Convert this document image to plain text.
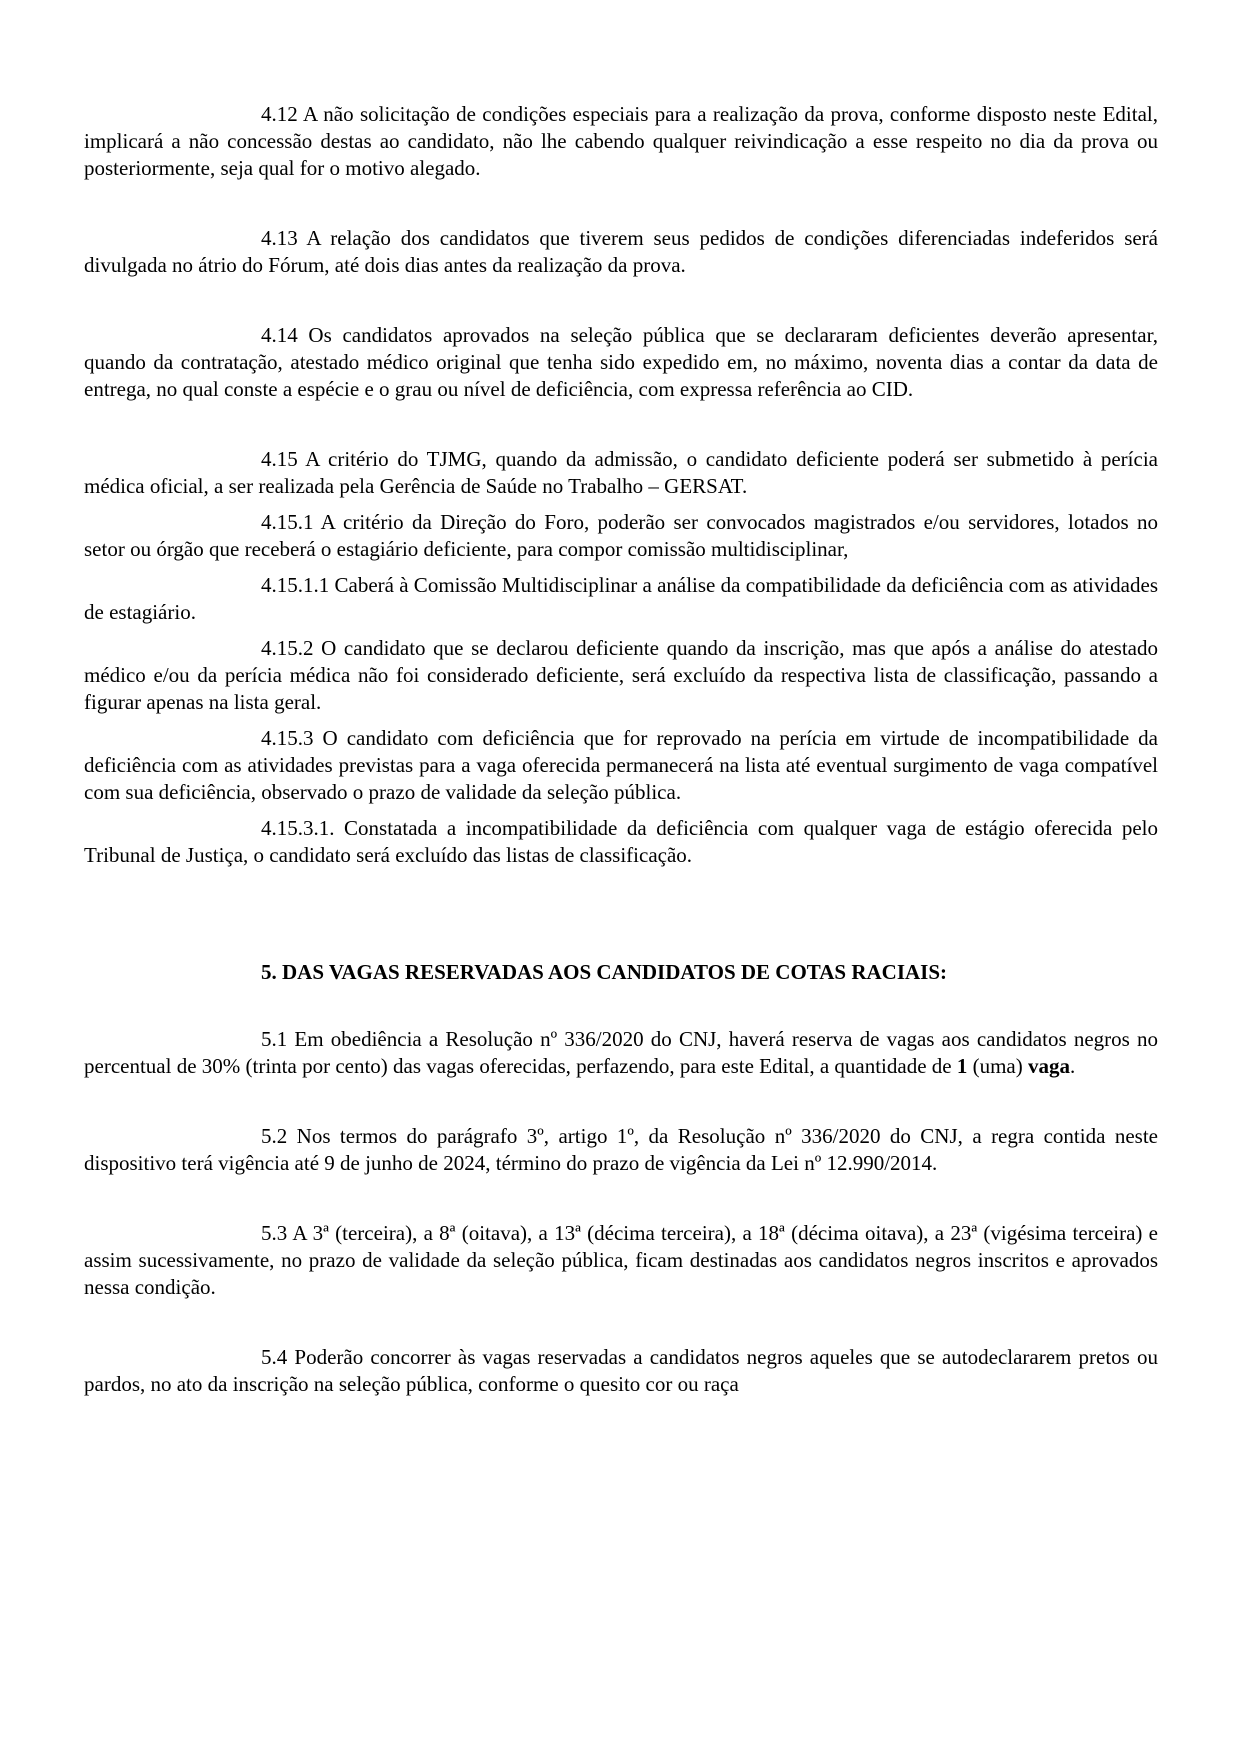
4.12 A não solicitação de condições especiais para a realização da prova, conforme disposto neste Edital, implicará a não concessão destas ao candidato, não lhe cabendo qualquer reivindicação a esse respeito no dia da prova ou posteriormente, seja qual for o motivo alegado.

4.13 A relação dos candidatos que tiverem seus pedidos de condições diferenciadas indeferidos será divulgada no átrio do Fórum, até dois dias antes da realização da prova.

4.14 Os candidatos aprovados na seleção pública que se declararam deficientes deverão apresentar, quando da contratação, atestado médico original que tenha sido expedido em, no máximo, noventa dias a contar da data de entrega, no qual conste a espécie e o grau ou nível de deficiência, com expressa referência ao CID.

4.15 A critério do TJMG, quando da admissão, o candidato deficiente poderá ser submetido à perícia médica oficial, a ser realizada pela Gerência de Saúde no Trabalho – GERSAT.

4.15.1 A critério da Direção do Foro, poderão ser convocados magistrados e/ou servidores, lotados no setor ou órgão que receberá o estagiário deficiente, para compor comissão multidisciplinar,

4.15.1.1 Caberá à Comissão Multidisciplinar a análise da compatibilidade da deficiência com as atividades de estagiário.

4.15.2 O candidato que se declarou deficiente quando da inscrição, mas que após a análise do atestado médico e/ou da perícia médica não foi considerado deficiente, será excluído da respectiva lista de classificação, passando a figurar apenas na lista geral.

4.15.3 O candidato com deficiência que for reprovado na perícia em virtude de incompatibilidade da deficiência com as atividades previstas para a vaga oferecida permanecerá na lista até eventual surgimento de vaga compatível com sua deficiência, observado o prazo de validade da seleção pública.

4.15.3.1. Constatada a incompatibilidade da deficiência com qualquer vaga de estágio oferecida pelo Tribunal de Justiça, o candidato será excluído das listas de classificação.

5. DAS VAGAS RESERVADAS AOS CANDIDATOS DE COTAS RACIAIS:

5.1 Em obediência a Resolução nº 336/2020 do CNJ, haverá reserva de vagas aos candidatos negros no percentual de 30% (trinta por cento) das vagas oferecidas, perfazendo, para este Edital, a quantidade de 1 (uma) vaga.

5.2 Nos termos do parágrafo 3º, artigo 1º, da Resolução nº 336/2020 do CNJ, a regra contida neste dispositivo terá vigência até 9 de junho de 2024, término do prazo de vigência da Lei nº 12.990/2014.

5.3 A 3ª (terceira), a 8ª (oitava), a 13ª (décima terceira), a 18ª (décima oitava), a 23ª (vigésima terceira) e assim sucessivamente, no prazo de validade da seleção pública, ficam destinadas aos candidatos negros inscritos e aprovados nessa condição.

5.4 Poderão concorrer às vagas reservadas a candidatos negros aqueles que se autodeclararem pretos ou pardos, no ato da inscrição na seleção pública, conforme o quesito cor ou raça
